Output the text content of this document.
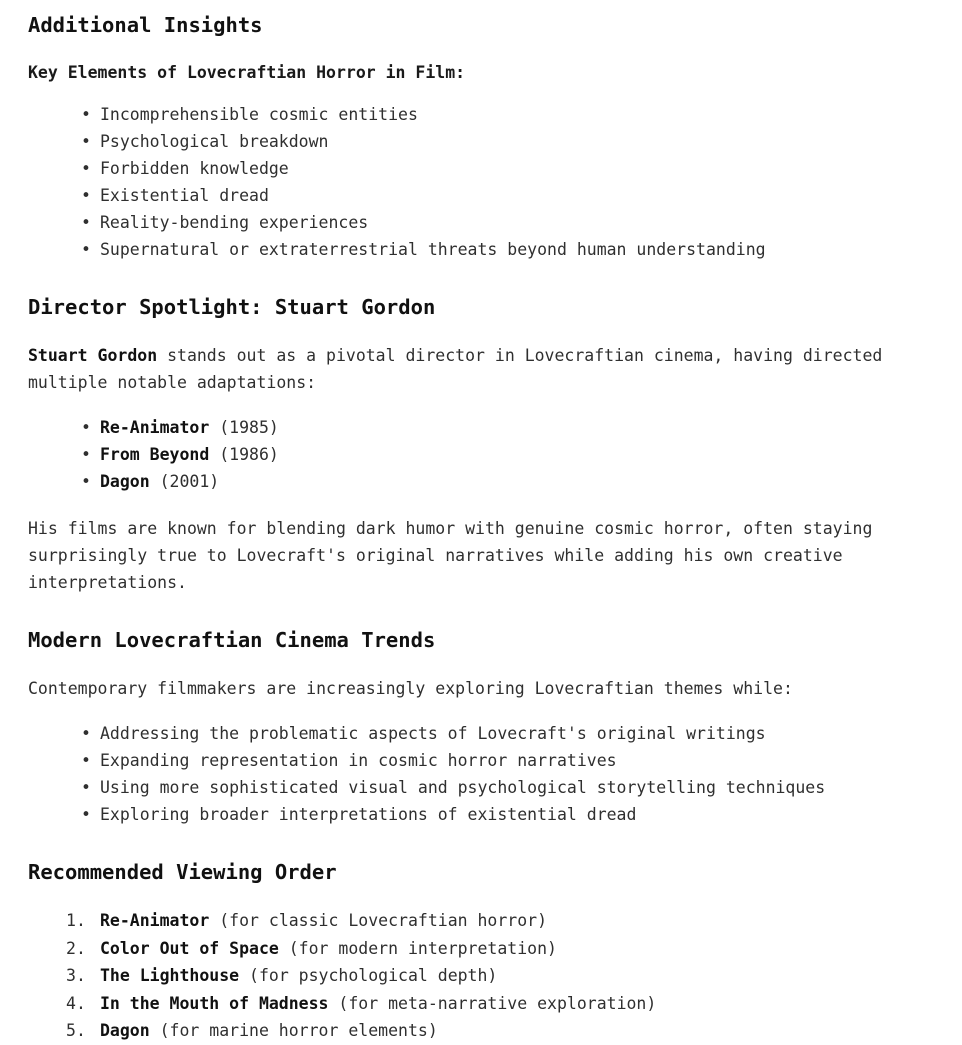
Additional Insights
Key Elements of Lovecraftian Horror in Film:
• Incomprehensible cosmic entities
• Psychological breakdown
• Forbidden knowledge
• Existential dread
• Reality-bending experiences
• Supernatural or extraterrestrial threats beyond human understanding
Director Spotlight: Stuart Gordon

Stuart Gordon stands out as a pivotal director in Lovecraftian cinema, having directed multiple notable adaptations:

• Re-Animator (1985)
• From Beyond (1986)
• Dagon (2001)

His films are known for blending dark humor with genuine cosmic horror, often staying surprisingly true to Lovecraft's original narratives while adding his own creative interpretations.

Modern Lovecraftian Cinema Trends

Contemporary filmmakers are increasingly exploring Lovecraftian themes while:

• Addressing the problematic aspects of Lovecraft's original writings
• Expanding representation in cosmic horror narratives
• Using more sophisticated visual and psychological storytelling techniques
• Exploring broader interpretations of existential dread
Recommended Viewing Order
Re-Animator (for classic Lovecraftian horror)
Color Out of Space (for modern interpretation)
The Lighthouse (for psychological depth)
In the Mouth of Madness (for meta-narrative exploration)
Dagon (for marine horror elements)
